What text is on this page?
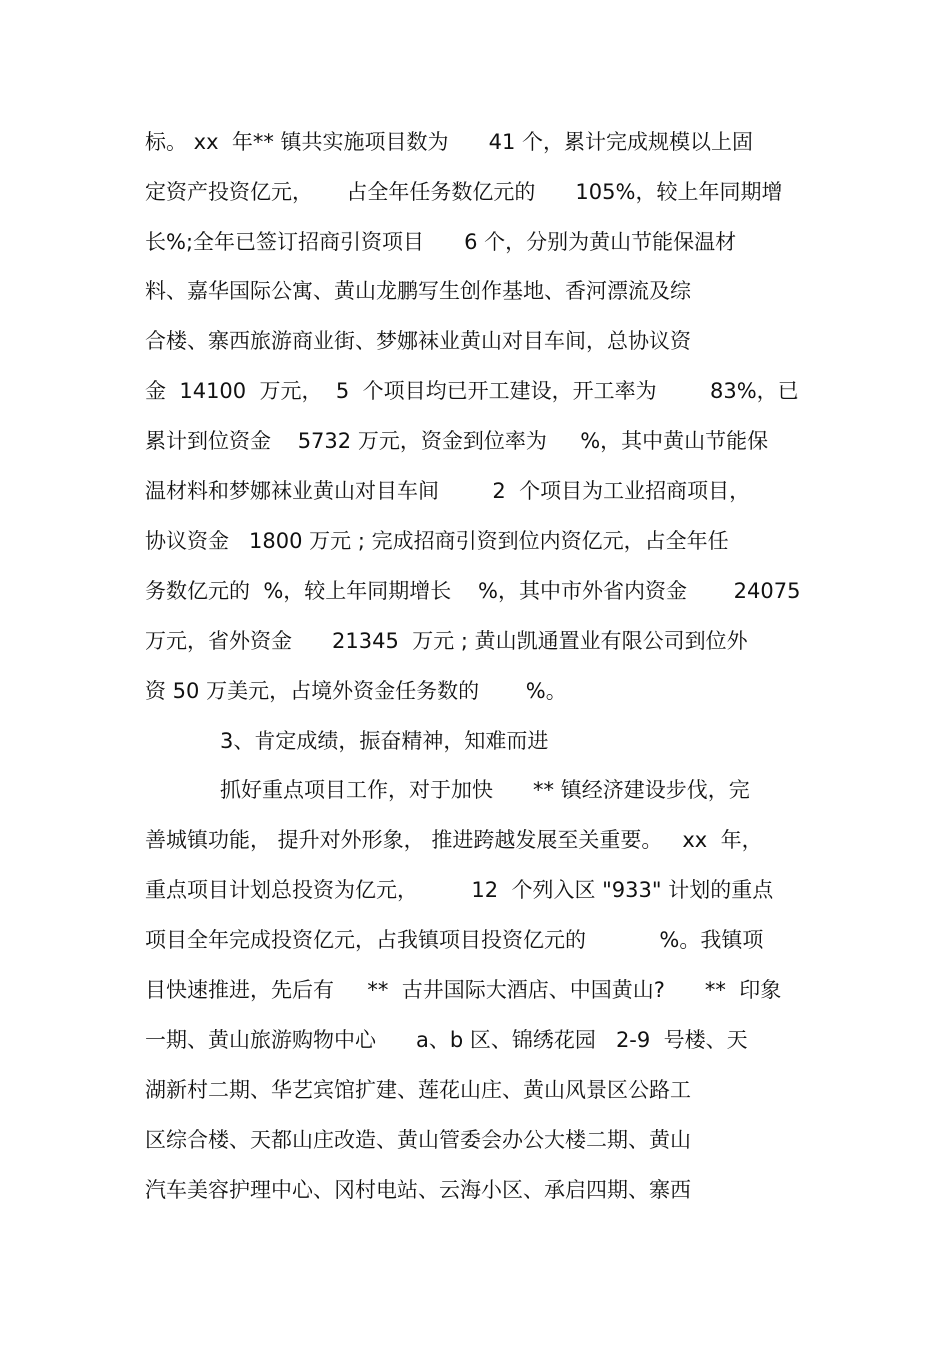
标。 xx  年** 镇共实施项目数为      41 个，累计完成规模以上固
定资产投资亿元，     占全年任务数亿元的      105%，较上年同期增
长%;全年已签订招商引资项目      6 个，分别为黄山节能保温材
料、嘉华国际公寓、黄山龙鹏写生创作基地、香河漂流及综
合楼、寨西旅游商业街、梦娜袜业黄山对目车间，总协议资
金  14100  万元，  5  个项目均已开工建设，开工率为        83%，已
累计到位资金    5732 万元，资金到位率为     %，其中黄山节能保
温材料和梦娜袜业黄山对目车间        2  个项目为工业招商项目，
协议资金   1800 万元 ; 完成招商引资到位内资亿元，占全年任
务数亿元的  %，较上年同期增长    %，其中市外省内资金       24075
万元，省外资金      21345  万元 ; 黄山凯通置业有限公司到位外
资 50 万美元，占境外资金任务数的       %。
3、肯定成绩，振奋精神，知难而进
抓好重点项目工作，对于加快      ** 镇经济建设步伐，完
善城镇功能， 提升对外形象， 推进跨越发展至关重要。   xx  年，
重点项目计划总投资为亿元，        12  个列入区 "933" 计划的重点
项目全年完成投资亿元，占我镇项目投资亿元的           %。我镇项
目快速推进，先后有     **  古井国际大酒店、中国黄山?      **  印象
一期、黄山旅游购物中心      a、b 区、锦绣花园   2-9  号楼、天
湖新村二期、华艺宾馆扩建、莲花山庄、黄山风景区公路工
区综合楼、天都山庄改造、黄山管委会办公大楼二期、黄山
汽车美容护理中心、冈村电站、云海小区、承启四期、寨西
